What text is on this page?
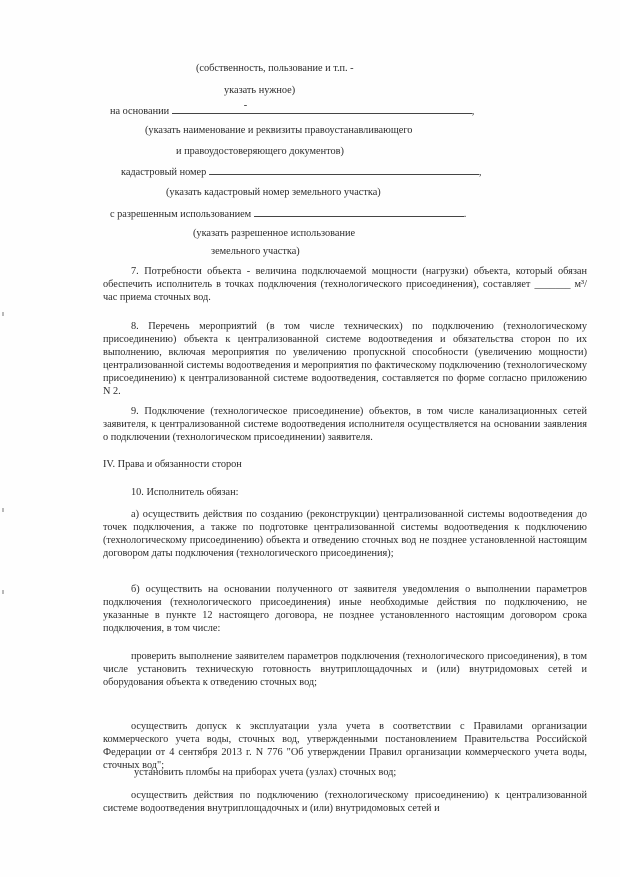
(собственность, пользование и т.п. -

указать нужное)

на основании
-
,

(указать наименование и реквизиты правоустанавливающего

и правоудостоверяющего документов)

кадастровый номер	,

(указать кадастровый номер земельного участка)

с разрешенным использованием	.

(указать разрешенное использование

земельного участка)

7. Потребности объекта - величина подключаемой мощности (нагрузки) объекта, который обязан обеспечить исполнитель в точках подключения (технологического присоединения), составляет _______ м³/час приема сточных вод.

8. Перечень мероприятий (в том числе технических) по подключению (технологическому присоединению) объекта к централизованной системе водоотведения и обязательства сторон по их выполнению, включая мероприятия по увеличению пропускной способности (увеличению мощности) централизованной системы водоотведения и мероприятия по фактическому подключению (технологическому присоединению) к централизованной системе водоотведения, составляется по форме согласно приложению N 2.

9. Подключение (технологическое присоединение) объектов, в том числе канализационных сетей заявителя, к централизованной системе водоотведения исполнителя осуществляется на основании заявления о подключении (технологическом присоединении) заявителя.

IV. Права и обязанности сторон

10. Исполнитель обязан:

а) осуществить действия по созданию (реконструкции) централизованной системы водоотведения до точек подключения, а также по подготовке централизованной системы водоотведения к подключению (технологическому присоединению) объекта и отведению сточных вод не позднее установленной настоящим договором даты подключения (технологического присоединения);

б) осуществить на основании полученного от заявителя уведомления о выполнении параметров подключения (технологического присоединения) иные необходимые действия по подключению, не указанные в пункте 12 настоящего договора, не позднее установленного настоящим договором срока подключения, в том числе:

проверить выполнение заявителем параметров подключения (технологического присоединения), в том числе установить техническую готовность внутриплощадочных и (или) внутридомовых сетей и оборудования объекта к отведению сточных вод;

осуществить допуск к эксплуатации узла учета в соответствии с Правилами организации коммерческого учета воды, сточных вод, утвержденными постановлением Правительства Российской Федерации от 4 сентября 2013 г. N 776 "Об утверждении Правил организации коммерческого учета воды, сточных вод";

установить пломбы на приборах учета (узлах) сточных вод;

осуществить действия по подключению (технологическому присоединению) к централизованной системе водоотведения внутриплощадочных и (или) внутридомовых сетей и
